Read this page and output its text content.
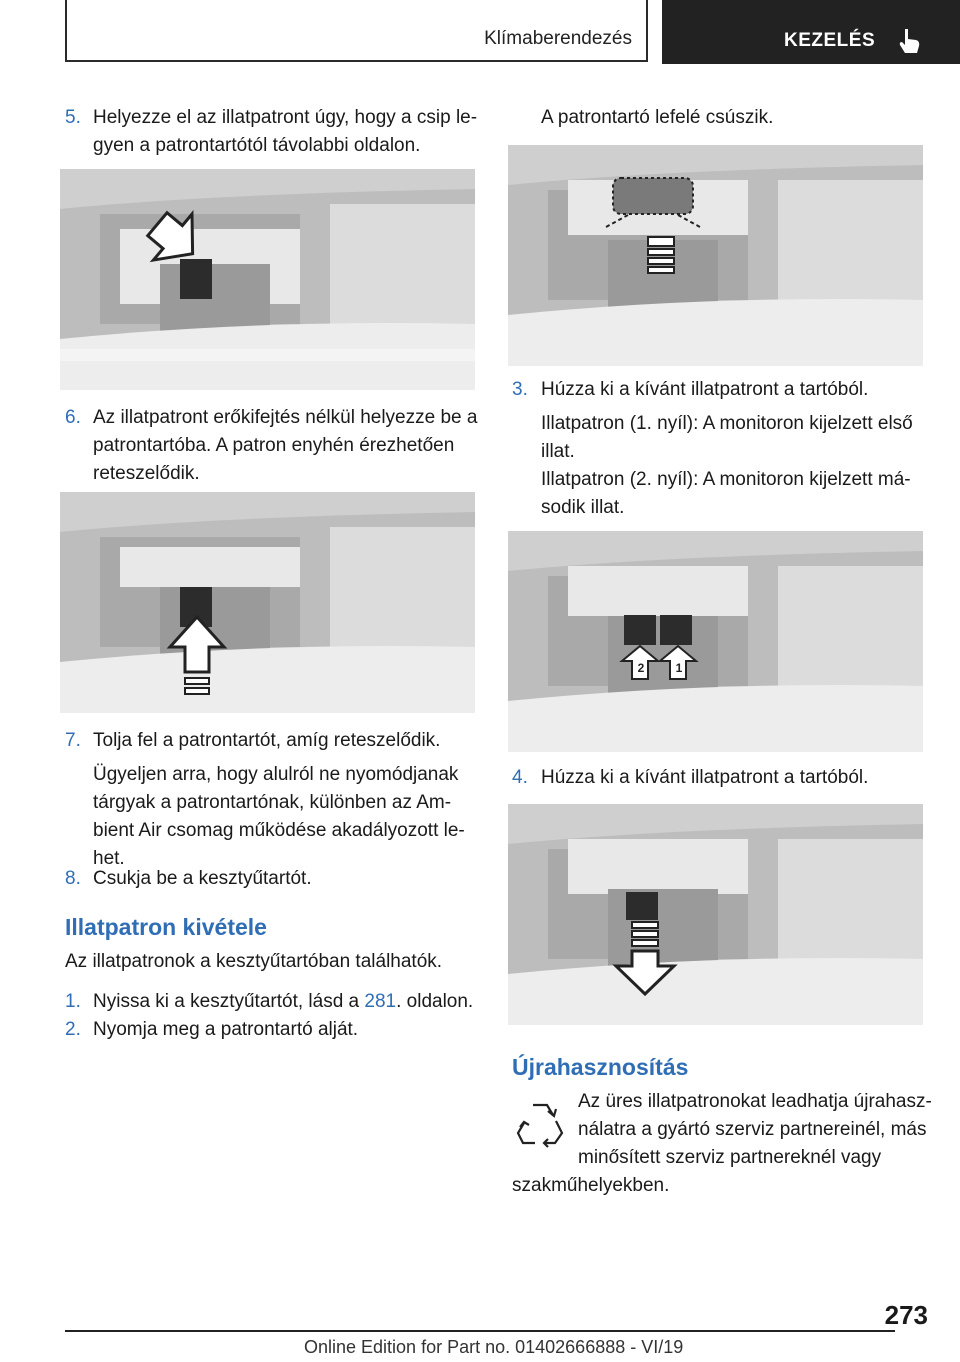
Klímaberendezés	KEZELÉS
5. Helyezze el az illatpatront úgy, hogy a csip le-
gyen a patrontartótól távolabbi oldalon.
6. Az illatpatront erőkifejtés nélkül helyezze be a
patrontartóba. A patron enyhén érezhetően
reteszelődik.
7. Tolja fel a patrontartót, amíg reteszelődik.
Ügyeljen arra, hogy alulról ne nyomódjanak
tárgyak a patrontartónak, különben az Am-
bient Air csomag működése akadályozott le-
het.
8. Csukja be a kesztyűtartót.
Illatpatron kivétele
Az illatpatronok a kesztyűtartóban találhatók.
1. Nyissa ki a kesztyűtartót, lásd a 281. oldalon.
2. Nyomja meg a patrontartó alját.
A patrontartó lefelé csúszik.
3. Húzza ki a kívánt illatpatront a tartóból.
Illatpatron (1. nyíl): A monitoron kijelzett első
illat.
Illatpatron (2. nyíl): A monitoron kijelzett má-
sodik illat.
2	1
4. Húzza ki a kívánt illatpatront a tartóból.
Újrahasznosítás
Az üres illatpatronokat leadhatja újrahasz-
nálatra a gyártó szerviz partnereinél, más
minősített szerviz partnereknél vagy
szakműhelyekben.
273
Online Edition for Part no. 01402666888 - VI/19
